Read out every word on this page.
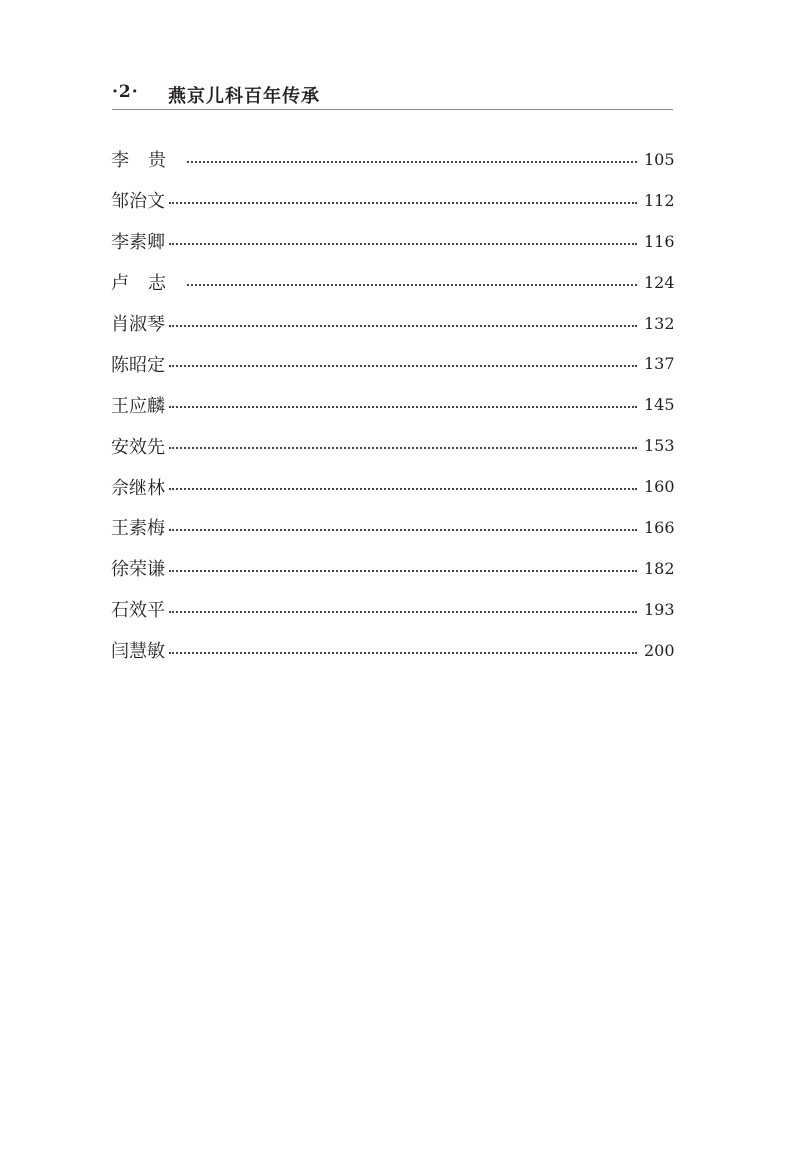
·2· 燕京儿科百年传承
李贵	105
邹治文	112
李素卿	116
卢志	124
肖淑琴	132
陈昭定	137
王应麟	145
安效先	153
佘继林	160
王素梅	166
徐荣谦	182
石效平	193
闫慧敏	200
